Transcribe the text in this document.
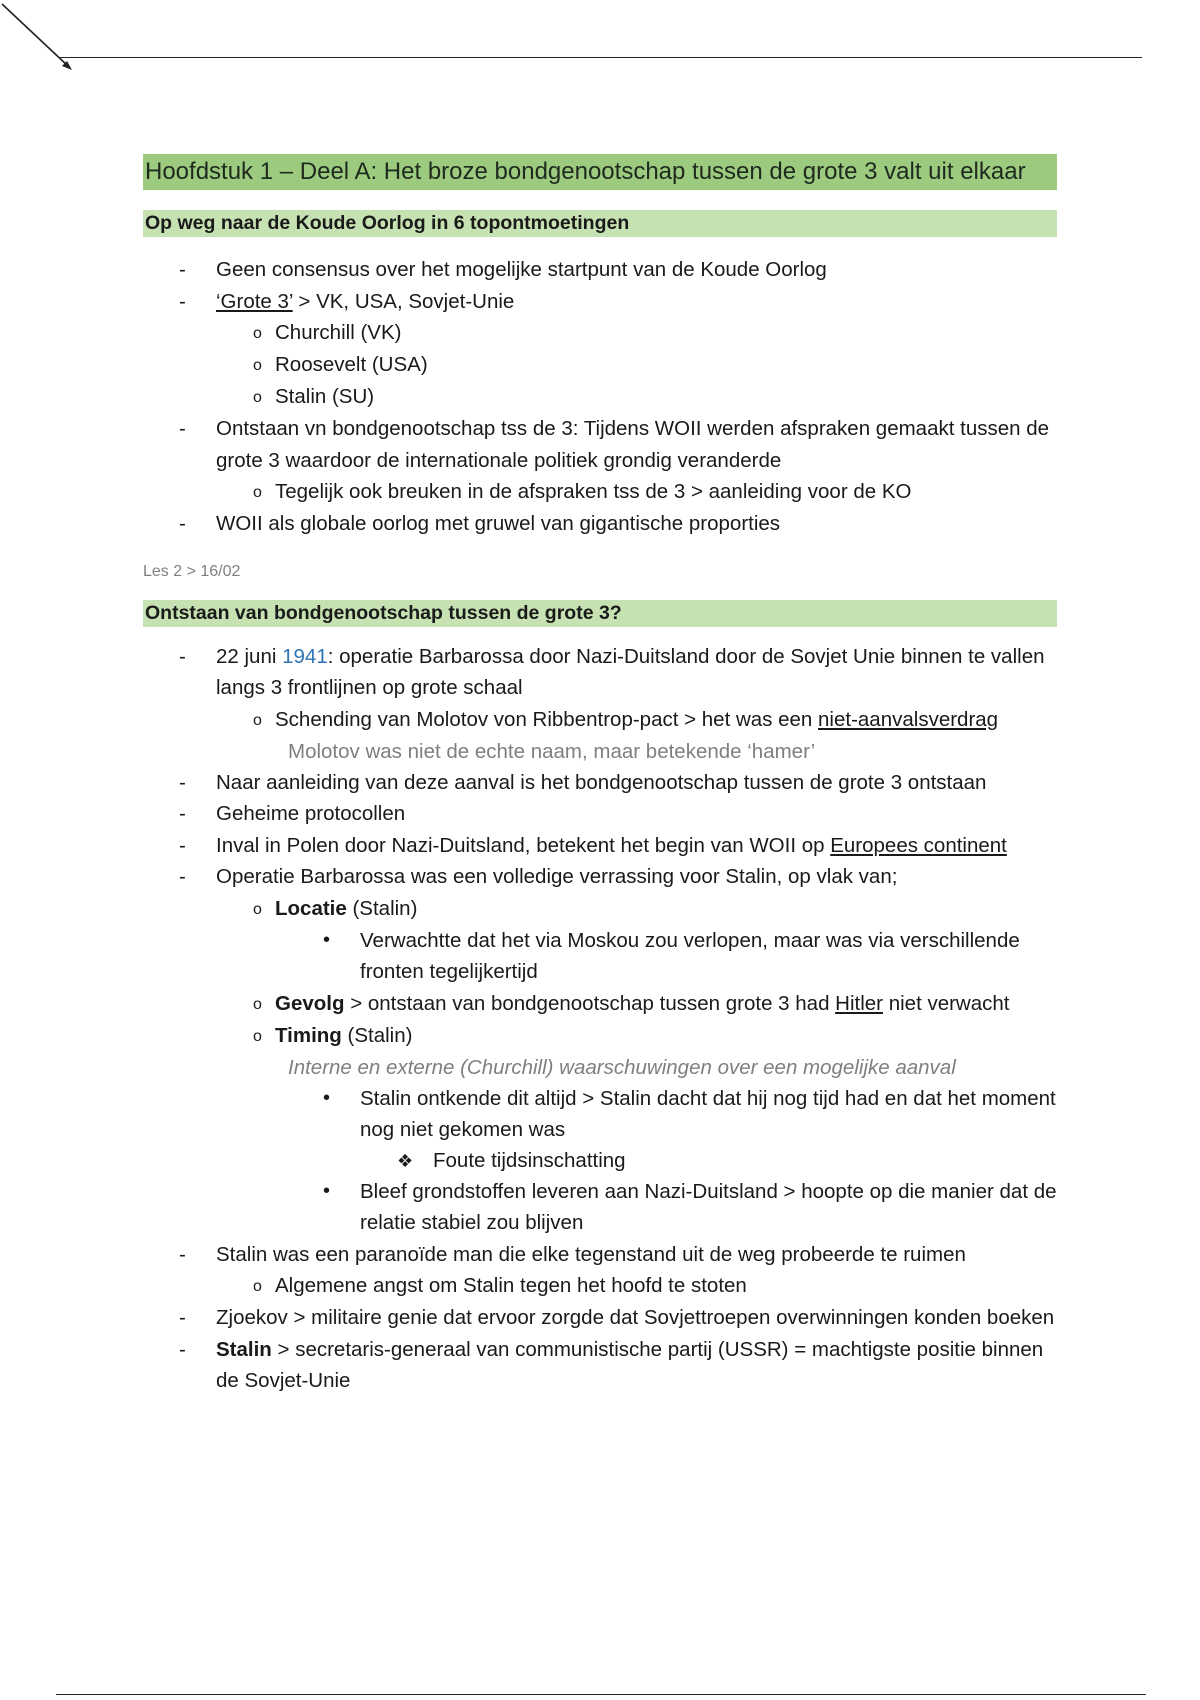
Hoofdstuk 1 – Deel A: Het broze bondgenootschap tussen de grote 3 valt uit elkaar
Op weg naar de Koude Oorlog in 6 topontmoetingen
-	Geen consensus over het mogelijke startpunt van de Koude Oorlog
-	‘Grote 3’ > VK, USA, Sovjet-Unie
o Churchill (VK)
o Roosevelt (USA)
o Stalin (SU)
-	Ontstaan vn bondgenootschap tss de 3: Tijdens WOII werden afspraken gemaakt tussen de grote 3 waardoor de internationale politiek grondig veranderde
o Tegelijk ook breuken in de afspraken tss de 3 > aanleiding voor de KO
-	WOII als globale oorlog met gruwel van gigantische proporties
Les 2 > 16/02
Ontstaan van bondgenootschap tussen de grote 3?
-	22 juni 1941: operatie Barbarossa door Nazi-Duitsland door de Sovjet Unie binnen te vallen langs 3 frontlijnen op grote schaal
o Schending van Molotov von Ribbentrop-pact > het was een niet-aanvalsverdrag
Molotov was niet de echte naam, maar betekende ‘hamer’
-	Naar aanleiding van deze aanval is het bondgenootschap tussen de grote 3 ontstaan
-	Geheime protocollen
-	Inval in Polen door Nazi-Duitsland, betekent het begin van WOII op Europees continent
-	Operatie Barbarossa was een volledige verrassing voor Stalin, op vlak van;
o Locatie (Stalin)
• Verwachtte dat het via Moskou zou verlopen, maar was via verschillende fronten tegelijkertijd
o Gevolg > ontstaan van bondgenootschap tussen grote 3 had Hitler niet verwacht
o Timing (Stalin)
Interne en externe (Churchill) waarschuwingen over een mogelijke aanval
• Stalin ontkende dit altijd > Stalin dacht dat hij nog tijd had en dat het moment nog niet gekomen was
❖ Foute tijdsinschatting
• Bleef grondstoffen leveren aan Nazi-Duitsland > hoopte op die manier dat de relatie stabiel zou blijven
-	Stalin was een paranoïde man die elke tegenstand uit de weg probeerde te ruimen
o Algemene angst om Stalin tegen het hoofd te stoten
-	Zjoekov > militaire genie dat ervoor zorgde dat Sovjettroepen overwinningen konden boeken
-	Stalin > secretaris-generaal van communistische partij (USSR) = machtigste positie binnen de Sovjet-Unie
